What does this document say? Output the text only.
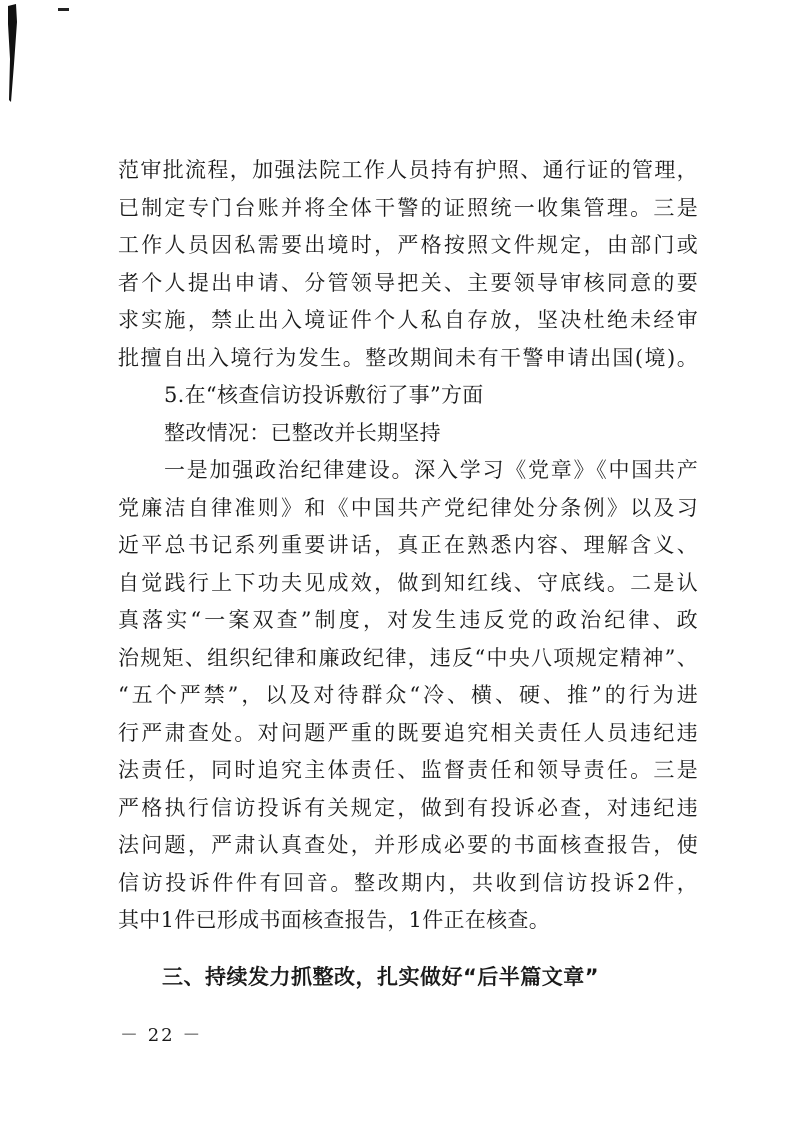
范审批流程，加强法院工作人员持有护照、通行证的管理，
已制定专门台账并将全体干警的证照统一收集管理。三是
工作人员因私需要出境时，严格按照文件规定，由部门或
者个人提出申请、分管领导把关、主要领导审核同意的要
求实施，禁止出入境证件个人私自存放，坚决杜绝未经审
批擅自出入境行为发生。整改期间未有干警申请出国(境)。
5.在“核查信访投诉敷衍了事”方面
整改情况：已整改并长期坚持
一是加强政治纪律建设。深入学习《党章》《中国共产
党廉洁自律准则》和《中国共产党纪律处分条例》以及习
近平总书记系列重要讲话，真正在熟悉内容、理解含义、
自觉践行上下功夫见成效，做到知红线、守底线。二是认
真落实“一案双查”制度，对发生违反党的政治纪律、政
治规矩、组织纪律和廉政纪律，违反“中央八项规定精神”、
“五个严禁”，以及对待群众“冷、横、硬、推”的行为进
行严肃查处。对问题严重的既要追究相关责任人员违纪违
法责任，同时追究主体责任、监督责任和领导责任。三是
严格执行信访投诉有关规定，做到有投诉必查，对违纪违
法问题，严肃认真查处，并形成必要的书面核查报告，使
信访投诉件件有回音。整改期内，共收到信访投诉2件，
其中1件已形成书面核查报告，1件正在核查。
三、持续发力抓整改，扎实做好“后半篇文章”
－ 22 －
